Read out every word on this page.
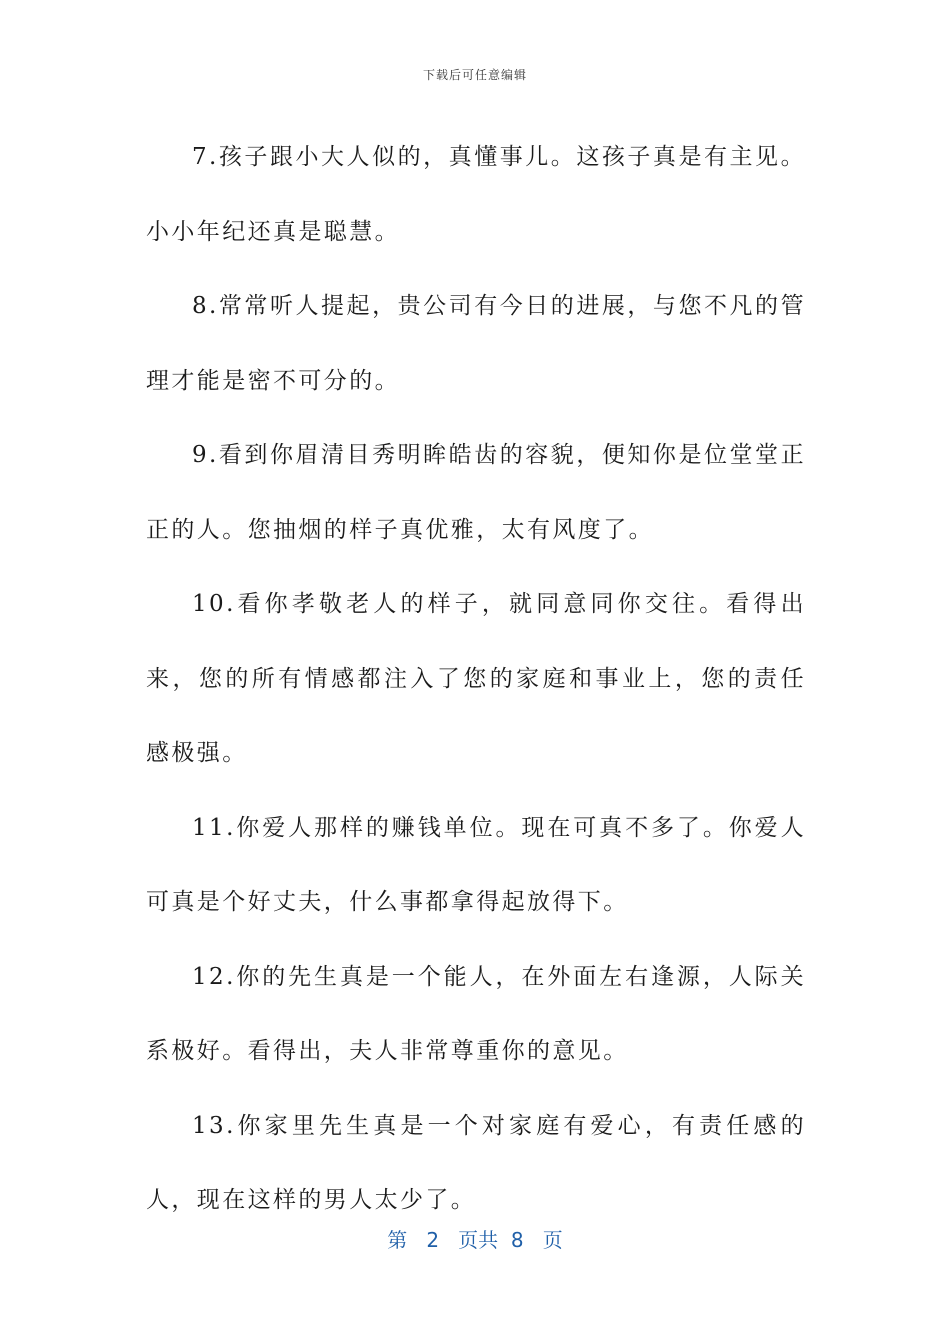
下载后可任意编辑

7.孩子跟小大人似的，真懂事儿。这孩子真是有主见。小小年纪还真是聪慧。

8.常常听人提起，贵公司有今日的进展，与您不凡的管理才能是密不可分的。

9.看到你眉清目秀明眸皓齿的容貌，便知你是位堂堂正正的人。您抽烟的样子真优雅，太有风度了。

10.看你孝敬老人的样子，就同意同你交往。看得出来，您的所有情感都注入了您的家庭和事业上，您的责任感极强。

11.你爱人那样的赚钱单位。现在可真不多了。你爱人可真是个好丈夫，什么事都拿得起放得下。

12.你的先生真是一个能人，在外面左右逢源，人际关系极好。看得出，夫人非常尊重你的意见。

13.你家里先生真是一个对家庭有爱心，有责任感的人，现在这样的男人太少了。

第 2 页共 8 页
